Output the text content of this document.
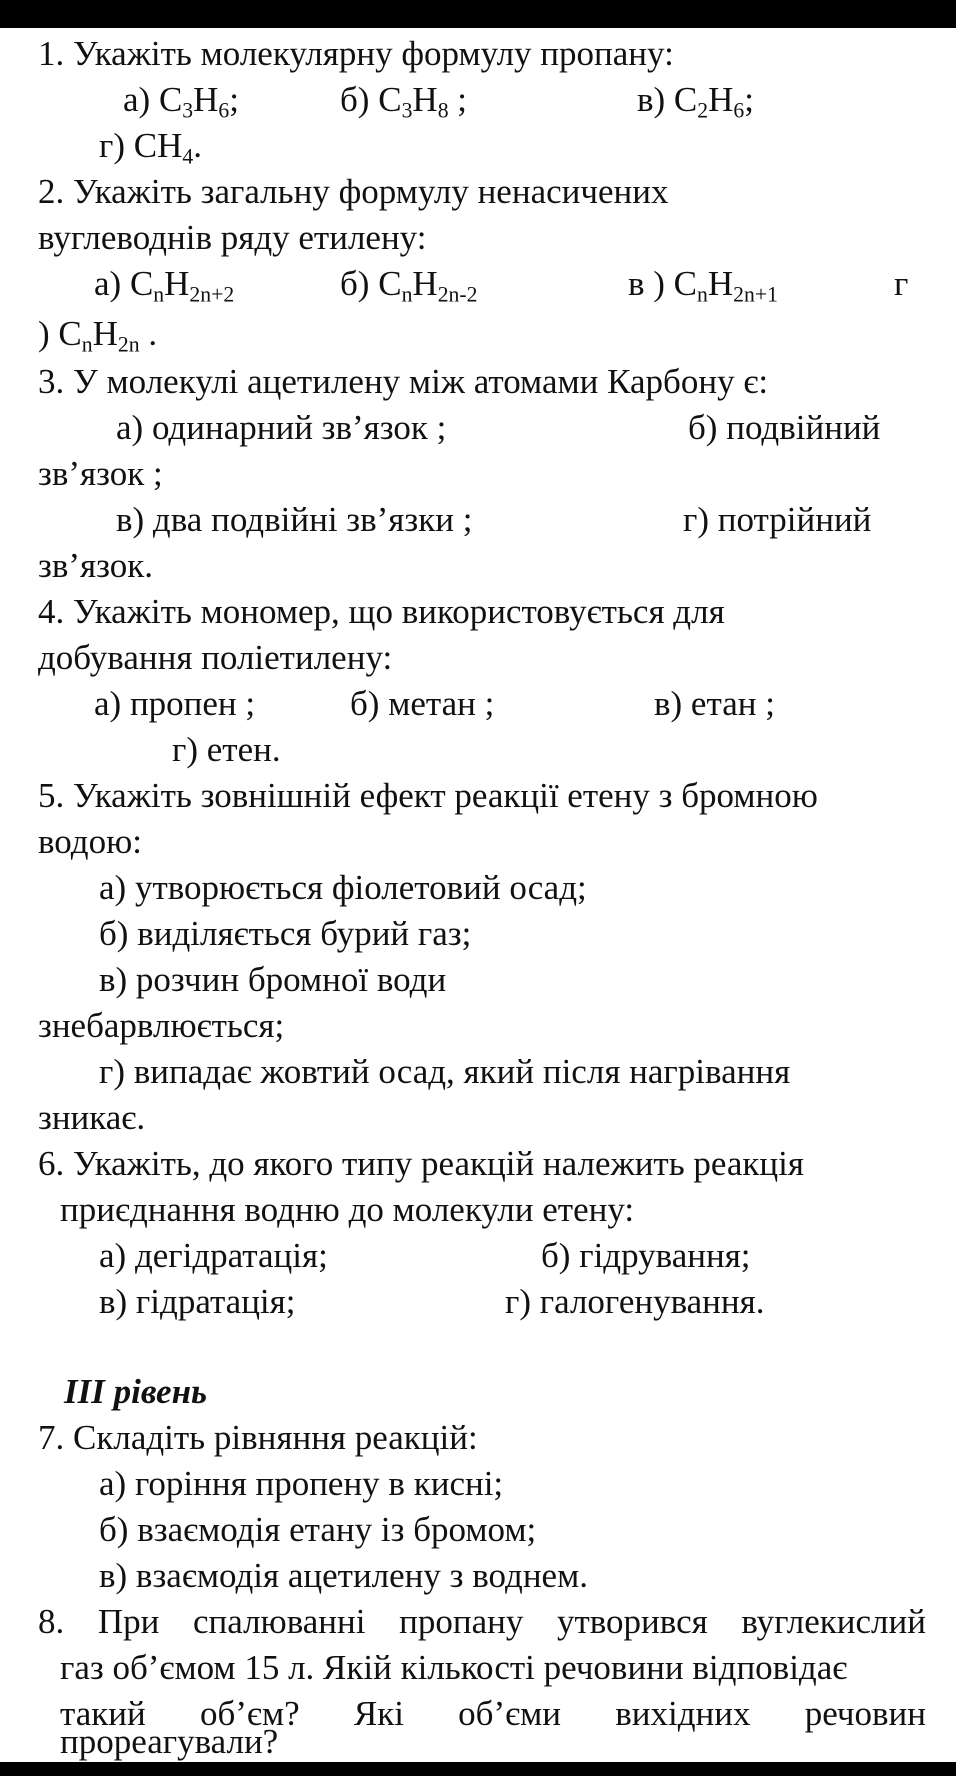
1. Укажіть молекулярну формулу пропану:
а) $C_3H_6$;	б) $C_3H_8$ ;	в) $C_2H_6$;
г) $CH_4$.
2. Укажіть загальну формулу ненасичених
вуглеводнів ряду етилену:
а) $C_nH_{2n+2}$	б) $C_nH_{2n-2}$	в ) $C_nH_{2n+1}$	г
) $C_nH_{2n}$ .
3. У молекулі ацетилену між атомами Карбону є:
а) одинарний зв’язок ;	б) подвійний
зв’язок ;
в) два подвійні зв’язки ;	г) потрійний
зв’язок.
4. Укажіть мономер, що використовується для
добування поліетилену:
а) пропен ;	б) метан ;	в) етан ;
г) етен.
5. Укажіть зовнішній ефект реакції етену з бромною
водою:
а) утворюється фіолетовий осад;
б) виділяється бурий газ;
в) розчин бромної води
знебарвлюється;
г) випадає жовтий осад, який після нагрівання
зникає.
6. Укажіть, до якого типу реакцій належить реакція
приєднання водню до молекули етену:
а) дегідратація;	б) гідрування;
в) гідратація;	г) галогенування.
III рівень
7. Складіть рівняння реакцій:
а) горіння пропену в кисні;
б) взаємодія етану із бромом;
в) взаємодія ацетилену з воднем.
8. При спалюванні пропану утворився вуглекислий
газ об’ємом 15 л. Якій кількості речовини відповідає
такий об’єм? Які об’єми вихідних речовин
прореагували?
